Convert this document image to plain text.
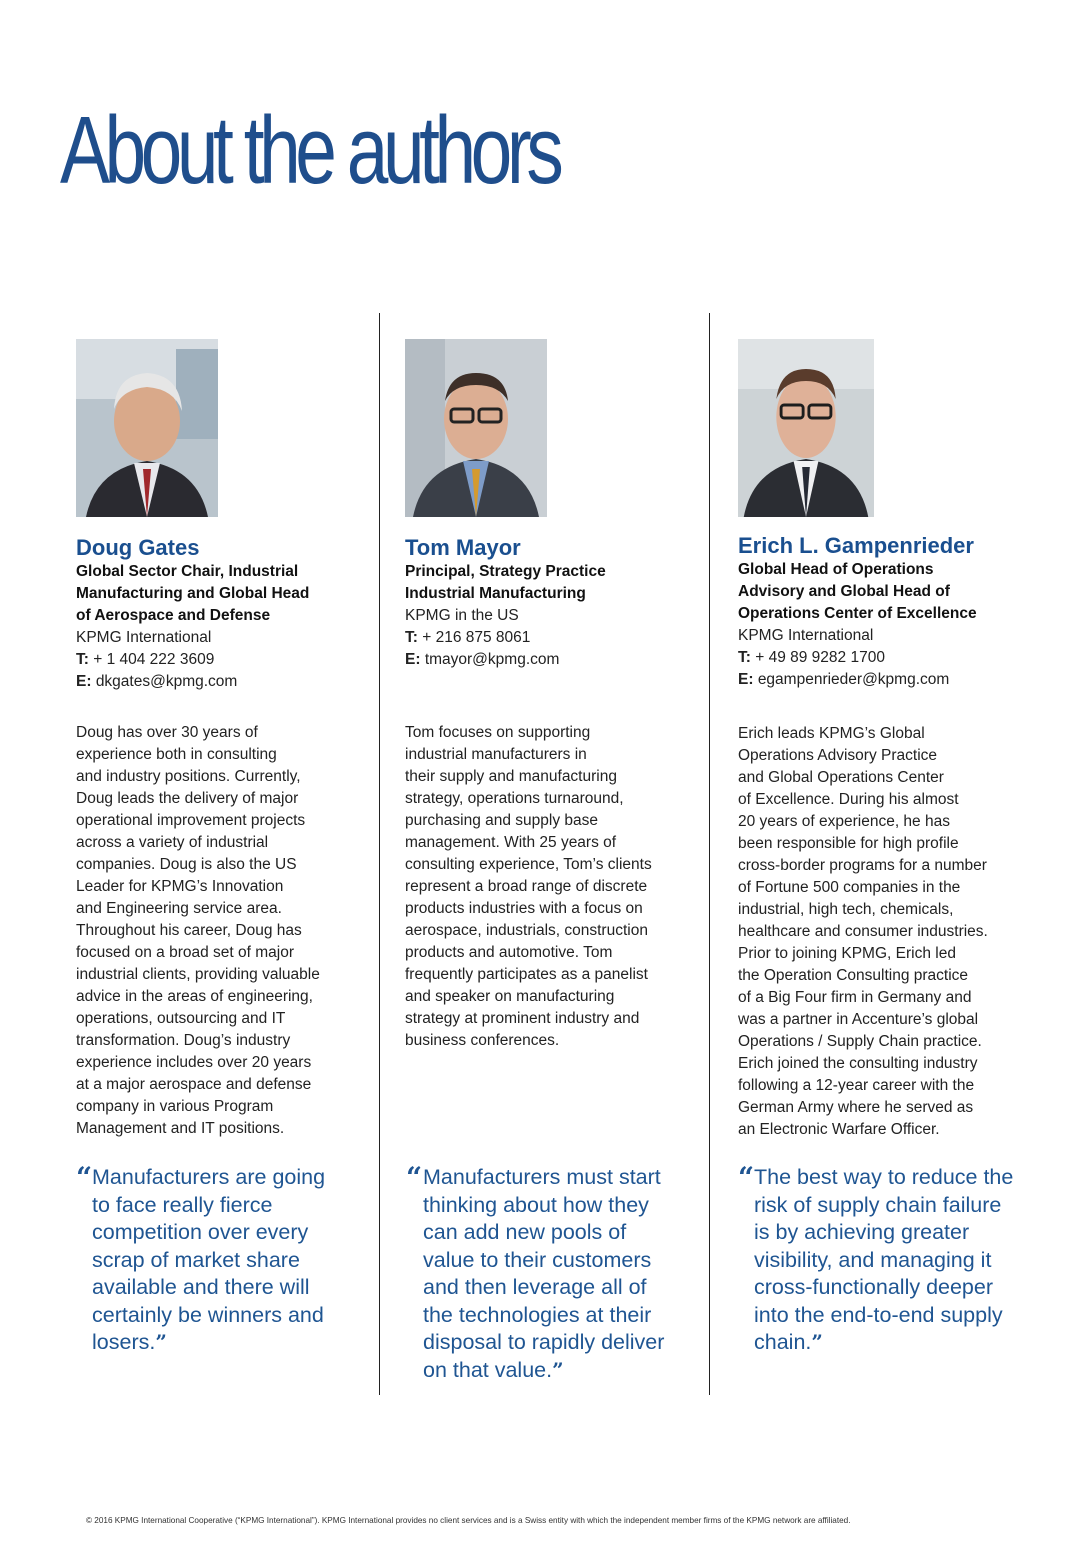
About the authors
Doug Gates
Global Sector Chair, Industrial
Manufacturing and Global Head
of Aerospace and Defense
KPMG International
T: + 1 404 222 3609
E: dkgates@kpmg.com
Doug has over 30 years of
experience both in consulting
and industry positions. Currently,
Doug leads the delivery of major
operational improvement projects
across a variety of industrial
companies. Doug is also the US
Leader for KPMG’s Innovation
and Engineering service area.
Throughout his career, Doug has
focused on a broad set of major
industrial clients, providing valuable
advice in the areas of engineering,
operations, outsourcing and IT
transformation. Doug’s industry
experience includes over 20 years
at a major aerospace and defense
company in various Program
Management and IT positions.
“ Manufacturers are going
to face really fierce
competition over every
scrap of market share
available and there will
certainly be winners and
losers.”
Tom Mayor
Principal, Strategy Practice
Industrial Manufacturing
KPMG in the US
T: + 216 875 8061
E: tmayor@kpmg.com
Tom focuses on supporting
industrial manufacturers in
their supply and manufacturing
strategy, operations turnaround,
purchasing and supply base
management. With 25 years of
consulting experience, Tom’s clients
represent a broad range of discrete
products industries with a focus on
aerospace, industrials, construction
products and automotive. Tom
frequently participates as a panelist
and speaker on manufacturing
strategy at prominent industry and
business conferences.
“ Manufacturers must start
thinking about how they
can add new pools of
value to their customers
and then leverage all of
the technologies at their
disposal to rapidly deliver
on that value.”
Erich L. Gampenrieder
Global Head of Operations
Advisory and Global Head of
Operations Center of Excellence
KPMG International
T: + 49 89 9282 1700
E: egampenrieder@kpmg.com
Erich leads KPMG’s Global
Operations Advisory Practice
and Global Operations Center
of Excellence. During his almost
20 years of experience, he has
been responsible for high profile
cross-border programs for a number
of Fortune 500 companies in the
industrial, high tech, chemicals,
healthcare and consumer industries.
Prior to joining KPMG, Erich led
the Operation Consulting practice
of a Big Four firm in Germany and
was a partner in Accenture’s global
Operations / Supply Chain practice.
Erich joined the consulting industry
following a 12-year career with the
German Army where he served as
an Electronic Warfare Officer.
“ The best way to reduce the
risk of supply chain failure
is by achieving greater
visibility, and managing it
cross-functionally deeper
into the end-to-end supply
chain.”
© 2016 KPMG International Cooperative (“KPMG International”). KPMG International provides no client services and is a Swiss entity with which the independent member firms of the KPMG network are affiliated.
